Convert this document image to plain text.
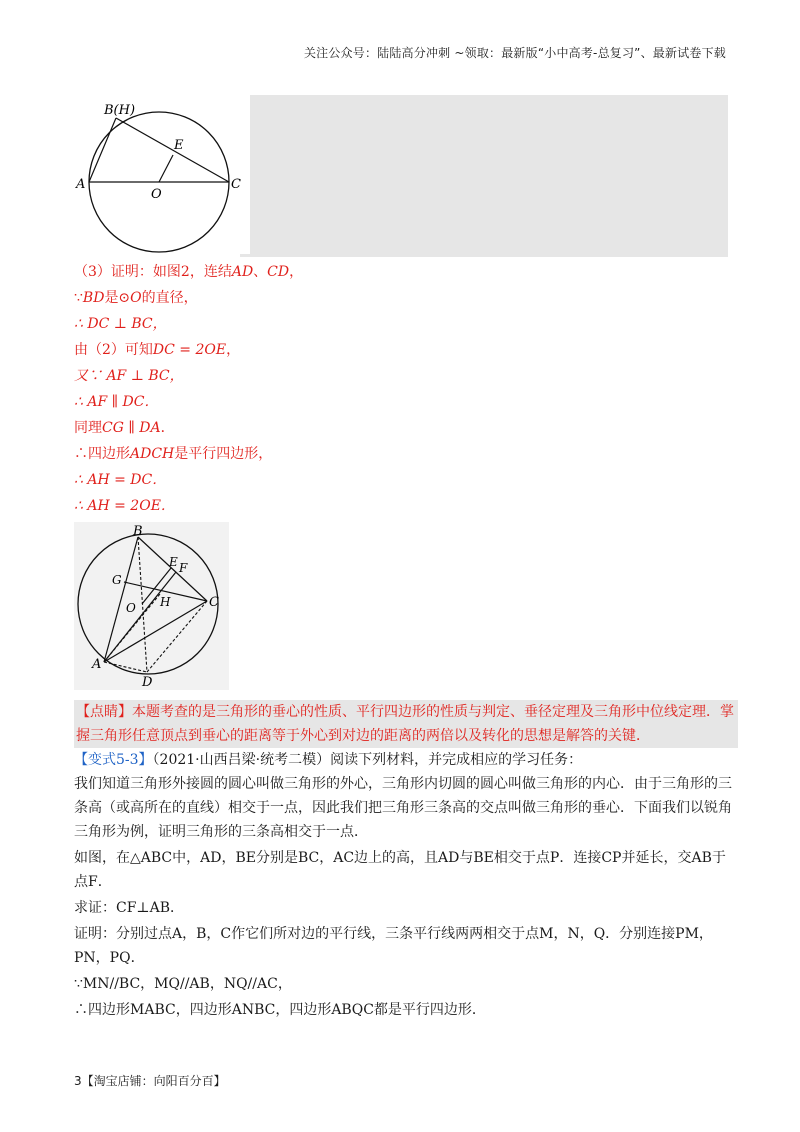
关注公众号：陆陆高分冲刺 ~领取：最新版“小中高考-总复习”、最新试卷下载
B(H)
E
A
O
C
（3）证明：如图2，连结AD、CD，
∵BD是⊙O的直径，
∴ DC ⊥ BC，
由（2）可知DC = 2OE，
又∵ AF ⊥ BC，
∴ AF ∥ DC．
同理CG ∥ DA．
∴四边形ADCH是平行四边形，
∴ AH = DC．
∴ AH = 2OE．
B
E F
G
O H	C
A
D
【点睛】本题考查的是三角形的垂心的性质、平行四边形的性质与判定、垂径定理及三角形中位线定理．掌握三角形任意顶点到垂心的距离等于外心到对边的距离的两倍以及转化的思想是解答的关键．
【变式5-3】（2021·山西吕梁·统考二模）阅读下列材料，并完成相应的学习任务：
我们知道三角形外接圆的圆心叫做三角形的外心，三角形内切圆的圆心叫做三角形的内心．由于三角形的三条高（或高所在的直线）相交于一点，因此我们把三角形三条高的交点叫做三角形的垂心．下面我们以锐角三角形为例，证明三角形的三条高相交于一点．
如图，在△ABC中，AD，BE分别是BC，AC边上的高，且AD与BE相交于点P．连接CP并延长，交AB于点F．
求证：CF⊥AB．
证明：分别过点A，B，C作它们所对边的平行线，三条平行线两两相交于点M，N，Q．分别连接PM，PN，PQ．
∵MN//BC，MQ//AB，NQ//AC，
∴四边形MABC，四边形ANBC，四边形ABQC都是平行四边形．
3【淘宝店铺：向阳百分百】
